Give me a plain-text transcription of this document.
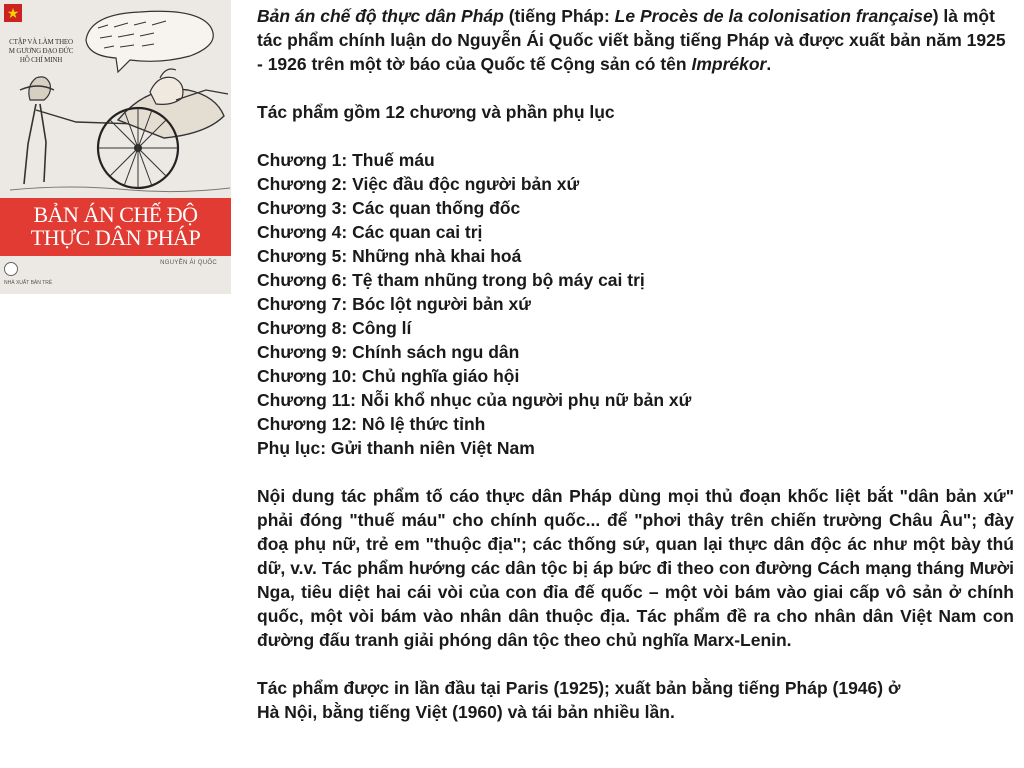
★
CTẬP VÀ LÀM THEO
M GƯƠNG ĐẠO ĐỨC
HỒ CHÍ MINH
BẢN ÁN CHẾ ĐỘ
THỰC DÂN PHÁP
NGUYỄN ÁI QUỐC
NHÀ XUẤT BẢN TRẺ

Bản án chế độ thực dân Pháp (tiếng Pháp: Le Procès de la colonisation française) là một tác phẩm chính luận do Nguyễn Ái Quốc viết bằng tiếng Pháp và được xuất bản năm 1925 - 1926 trên một tờ báo của Quốc tế Cộng sản có tên Imprékor.

Tác phẩm gồm 12 chương và phần phụ lục

Chương 1: Thuế máu
Chương 2: Việc đầu độc người bản xứ
Chương 3: Các quan thống đốc
Chương 4: Các quan cai trị
Chương 5: Những nhà khai hoá
Chương 6: Tệ tham nhũng trong bộ máy cai trị
Chương 7: Bóc lột người bản xứ
Chương 8: Công lí
Chương 9: Chính sách ngu dân
Chương 10: Chủ nghĩa giáo hội
Chương 11: Nỗi khổ nhục của người phụ nữ bản xứ
Chương 12: Nô lệ thức tỉnh
Phụ lục: Gửi thanh niên Việt Nam

Nội dung tác phẩm tố cáo thực dân Pháp dùng mọi thủ đoạn khốc liệt bắt "dân bản xứ" phải đóng "thuế máu" cho chính quốc... để "phơi thây trên chiến trường Châu Âu"; đày đoạ phụ nữ, trẻ em "thuộc địa"; các thống sứ, quan lại thực dân độc ác như một bày thú dữ, v.v. Tác phẩm hướng các dân tộc bị áp bức đi theo con đường Cách mạng tháng Mười Nga, tiêu diệt hai cái vòi của con đỉa đế quốc – một vòi bám vào giai cấp vô sản ở chính quốc, một vòi bám vào nhân dân thuộc địa. Tác phẩm đề ra cho nhân dân Việt Nam con đường đấu tranh giải phóng dân tộc theo chủ nghĩa Marx-Lenin.

Tác phẩm được in lần đầu tại Paris (1925); xuất bản bằng tiếng Pháp (1946) ở
Hà Nội, bằng tiếng Việt (1960) và tái bản nhiều lần.
